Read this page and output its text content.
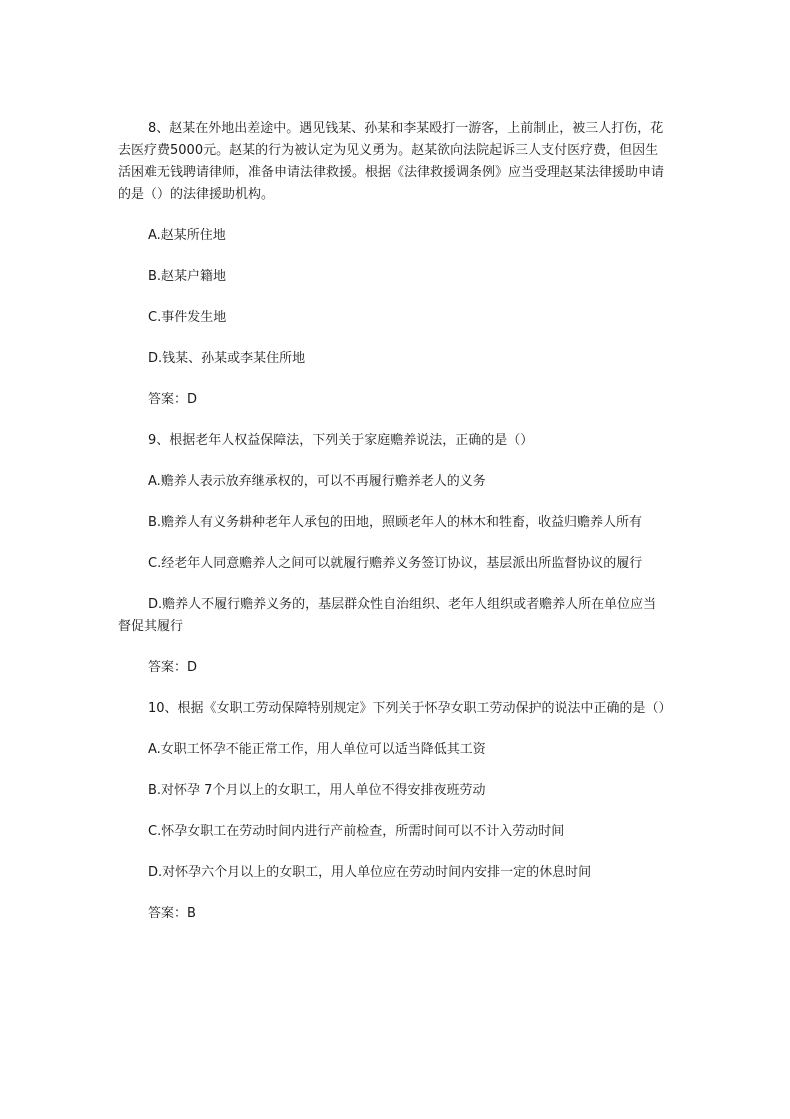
8、赵某在外地出差途中。遇见钱某、孙某和李某殴打一游客，上前制止，被三人打伤，花去医疗费5000元。赵某的行为被认定为见义勇为。赵某欲向法院起诉三人支付医疗费，但因生活困难无钱聘请律师，准备申请法律救援。根据《法律救援调条例》应当受理赵某法律援助申请的是（）的法律援助机构。

A.赵某所住地

B.赵某户籍地

C.事件发生地

D.钱某、孙某或李某住所地

答案：D

9、根据老年人权益保障法，下列关于家庭赡养说法，正确的是（）

A.赡养人表示放弃继承权的，可以不再履行赡养老人的义务

B.赡养人有义务耕种老年人承包的田地，照顾老年人的林木和牲畜，收益归赡养人所有

C.经老年人同意赡养人之间可以就履行赡养义务签订协议，基层派出所监督协议的履行

D.赡养人不履行赡养义务的，基层群众性自治组织、老年人组织或者赡养人所在单位应当督促其履行

答案：D

10、根据《女职工劳动保障特别规定》下列关于怀孕女职工劳动保护的说法中正确的是（）

A.女职工怀孕不能正常工作，用人单位可以适当降低其工资

B.对怀孕 7个月以上的女职工，用人单位不得安排夜班劳动

C.怀孕女职工在劳动时间内进行产前检查，所需时间可以不计入劳动时间

D.对怀孕六个月以上的女职工，用人单位应在劳动时间内安排一定的休息时间

答案：B
